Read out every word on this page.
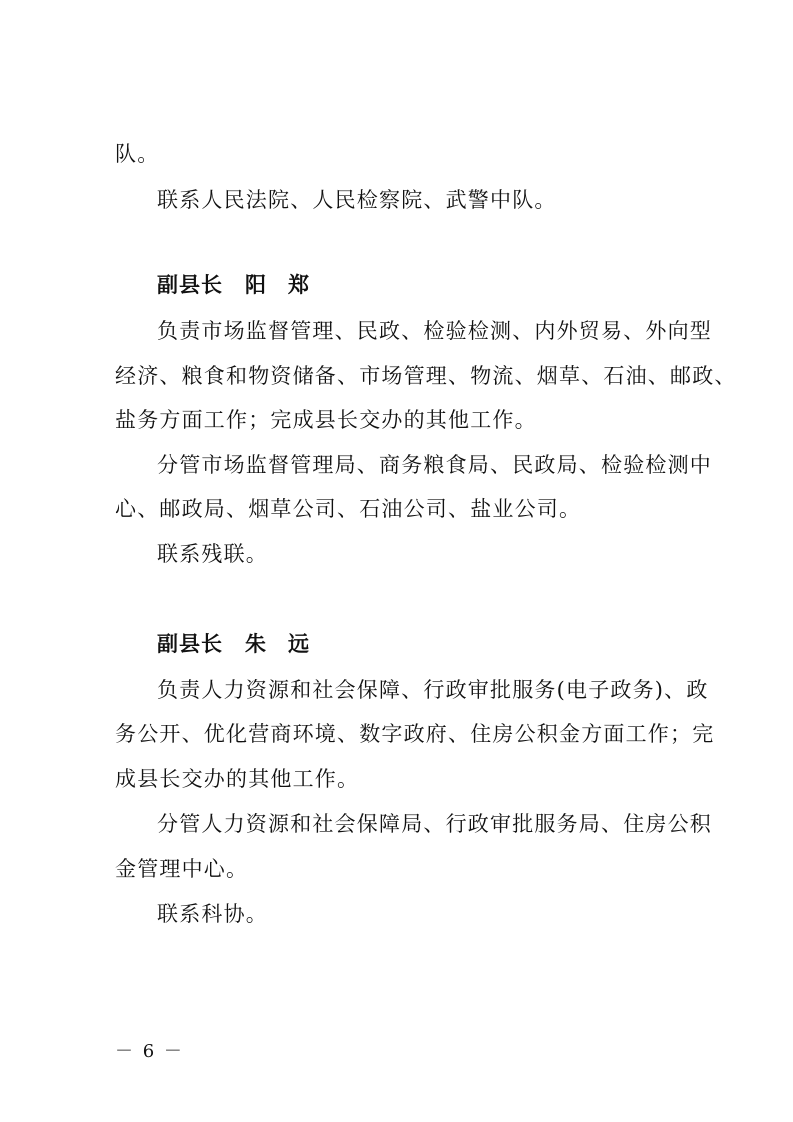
队。
联系人民法院、人民检察院、武警中队。
副县长 阳郑
负责市场监督管理、民政、检验检测、内外贸易、外向型
经济、粮食和物资储备、市场管理、物流、烟草、石油、邮政、
盐务方面工作；完成县长交办的其他工作。
分管市场监督管理局、商务粮食局、民政局、检验检测中
心、邮政局、烟草公司、石油公司、盐业公司。
联系残联。
副县长 朱远
负责人力资源和社会保障、行政审批服务(电子政务)、政
务公开、优化营商环境、数字政府、住房公积金方面工作；完
成县长交办的其他工作。
分管人力资源和社会保障局、行政审批服务局、住房公积
金管理中心。
联系科协。
－ 6 －
